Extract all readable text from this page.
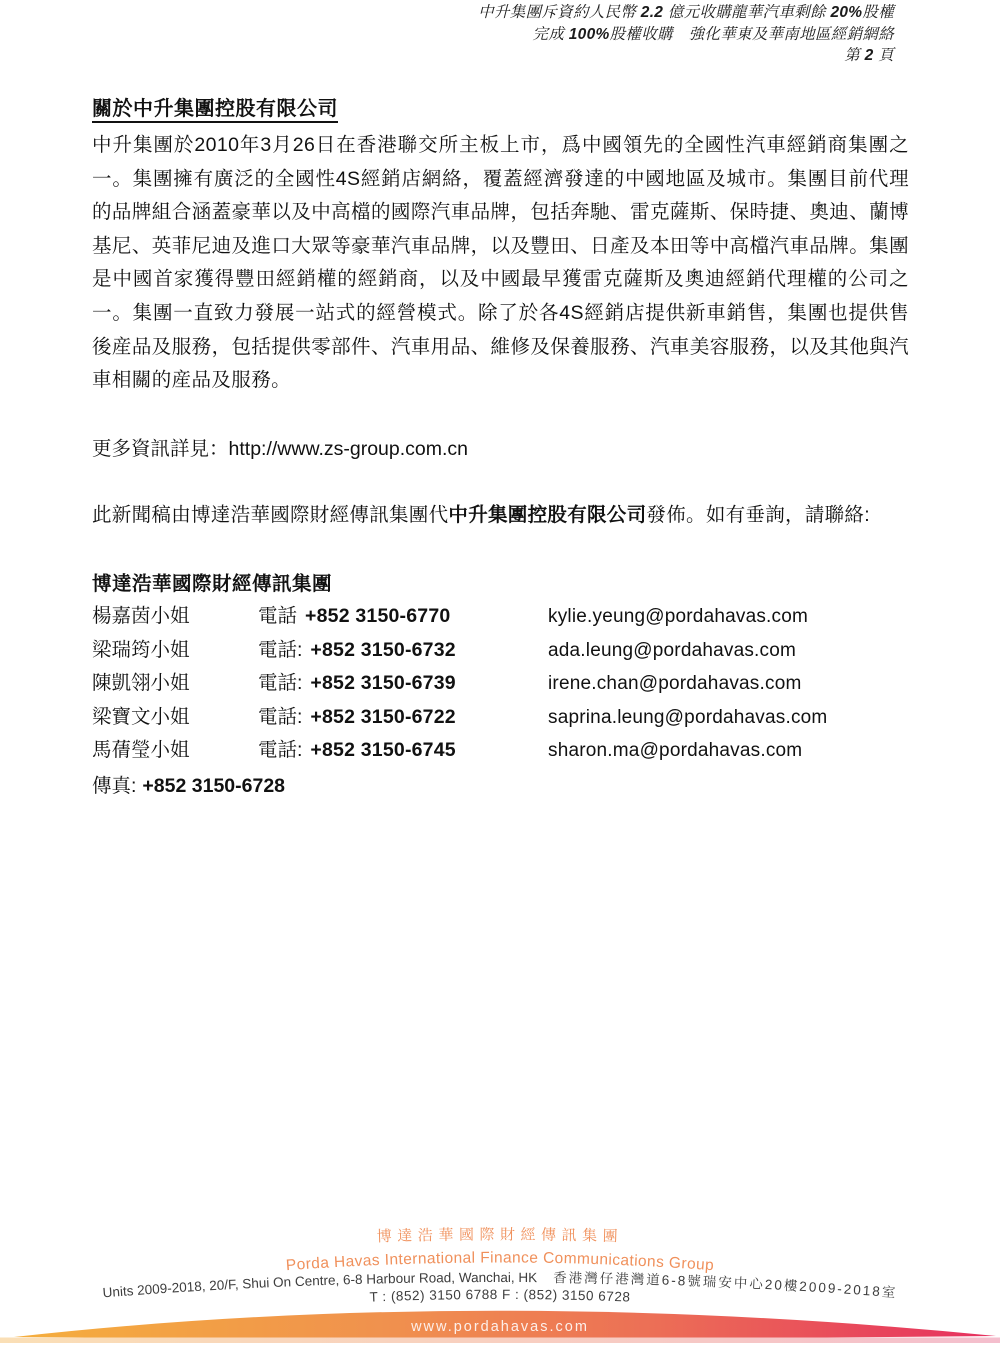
中升集團斥資約人民幣 2.2 億元收購龍華汽車剩餘 20%股權
完成 100%股權收購　強化華東及華南地區經銷網絡
第 2 頁
關於中升集團控股有限公司

中升集團於2010年3月26日在香港聯交所主板上市，爲中國領先的全國性汽車經銷商集團之一。集團擁有廣泛的全國性4S經銷店網絡，覆蓋經濟發達的中國地區及城市。集團目前代理的品牌組合涵蓋豪華以及中高檔的國際汽車品牌，包括奔馳、雷克薩斯、保時捷、奧迪、蘭博基尼、英菲尼迪及進口大眾等豪華汽車品牌，以及豐田、日產及本田等中高檔汽車品牌。集團是中國首家獲得豐田經銷權的經銷商，以及中國最早獲雷克薩斯及奧迪經銷代理權的公司之一。集團一直致力發展一站式的經營模式。除了於各4S經銷店提供新車銷售，集團也提供售後産品及服務，包括提供零部件、汽車用品、維修及保養服務、汽車美容服務，以及其他與汽車相關的産品及服務。

更多資訊詳見：http://www.zs-group.com.cn
此新聞稿由博達浩華國際財經傳訊集團代中升集團控股有限公司發佈。如有垂詢，請聯絡:
博達浩華國際財經傳訊集團
楊嘉茵小姐	電話 +852 3150-6770	kylie.yeung@pordahavas.com
梁瑞筠小姐	電話: +852 3150-6732	ada.leung@pordahavas.com
陳凱翎小姐	電話: +852 3150-6739	irene.chan@pordahavas.com
梁寶文小姐	電話: +852 3150-6722	saprina.leung@pordahavas.com
馬蒨瑩小姐	電話: +852 3150-6745	sharon.ma@pordahavas.com
傳真: +852 3150-6728
博達浩華國際財經傳訊集團
Porda Havas International Finance Communications Group
Units 2009-2018, 20/F, Shui On Centre, 6-8 Harbour Road, Wanchai, HK 香港灣仔港灣道6-8號瑞安中心20樓2009-2018室
T : (852) 3150 6788 F : (852) 3150 6728
www.pordahavas.com
